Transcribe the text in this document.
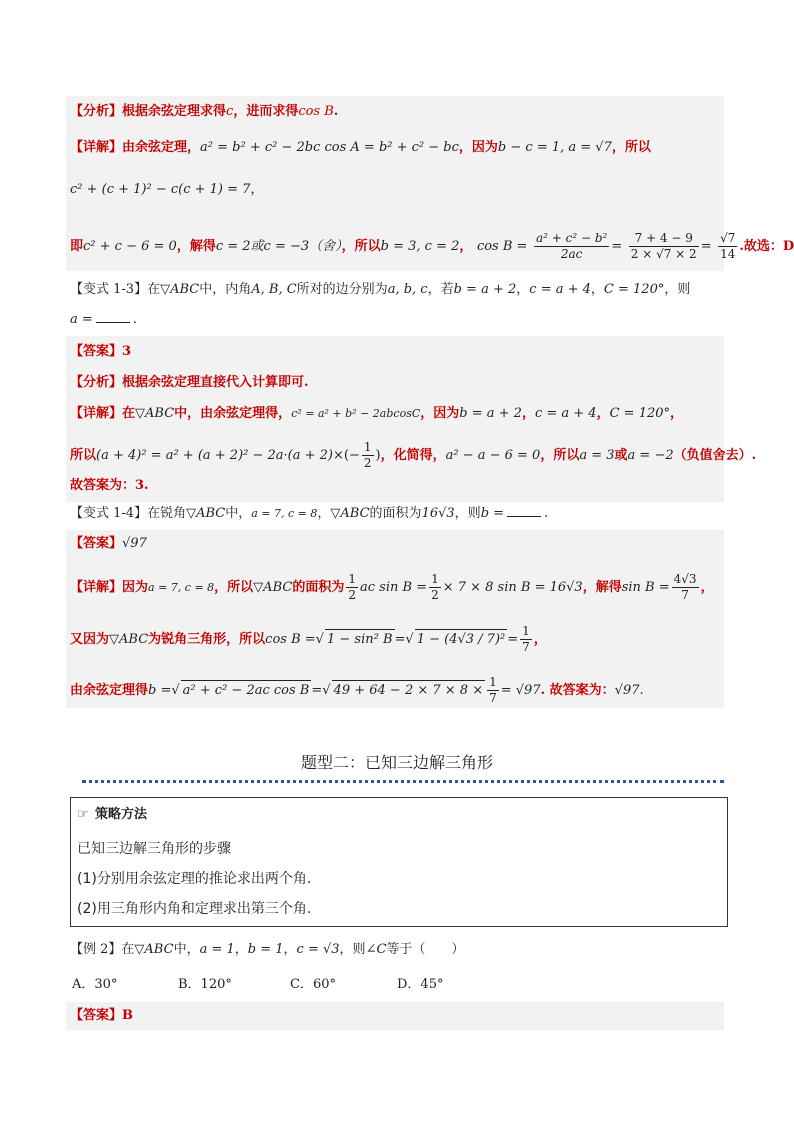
【分析】根据余弦定理求得c，进而求得cos B.
【详解】由余弦定理，a² = b² + c² − 2bc cos A = b² + c² − bc，因为b − c = 1, a = √7，所以
c² + (c + 1)² − c(c + 1) = 7，
即c² + c − 6 = 0，解得c = 2或c = −3（舍），所以b = 3, c = 2， $\cos B = \frac{\text{a² + c² − b²}}{2ac} = \frac{7 + 4 - 9}{2 \times √7 \times 2} = \frac{√7}{14}$ .故选：D
【变式 1-3】在▽ABC中，内角A, B, C所对的边分别为a, b, c，若b = a + 2，c = a + 4，C = 120°，则
a =	.
【答案】3
【分析】根据余弦定理直接代入计算即可.
【详解】在▽ABC中，由余弦定理得，c² = a² + b² − 2abcosC，因为b = a + 2，c = a + 4，C = 120°，
所以$(a + 4)^2 = a^2 + (a + 2)^2 - 2a\cdot(a + 2)\times(- \frac{1}{2}$ )，化简得，a² − a − 6 = 0，所以a = 3或a = −2（负值舍去）.
故答案为：3.
【变式 1-4】在锐角▽ABC中，a = 7, c = 8，▽ABC的面积为16√3，则b =	.
【答案】√97
【详解】因为a = 7, c = 8，所以▽ABC的面积为 $\frac{1}{2}$ ac $\sin B = \frac{1}{2} \times 7 \times 8$ sin B = 16√3，解得$\sin B = \frac{4√3}{7}$ ，
又因为▽ABC为锐角三角形，所以cos B =√ 1 − sin² B =√ $1 - (4√3 / 7)^2 = \frac{1}{7}$ ，
由余弦定理得b =√ a² + c² − 2ac cos B =√ $49 + 64 - 2 \times 7 \times 8 \times \frac{1}{7} = √97$. 故答案为：√97.
题型二：已知三边解三角形
☞ 策略方法
已知三边解三角形的步骤
(1)分别用余弦定理的推论求出两个角.
(2)用三角形内角和定理求出第三个角.
【例 2】在▽ABC中，a = 1，b = 1，c = √3，则∠C等于（　　）
A．30°	B．120°	C．60°	D．45°
【答案】B
